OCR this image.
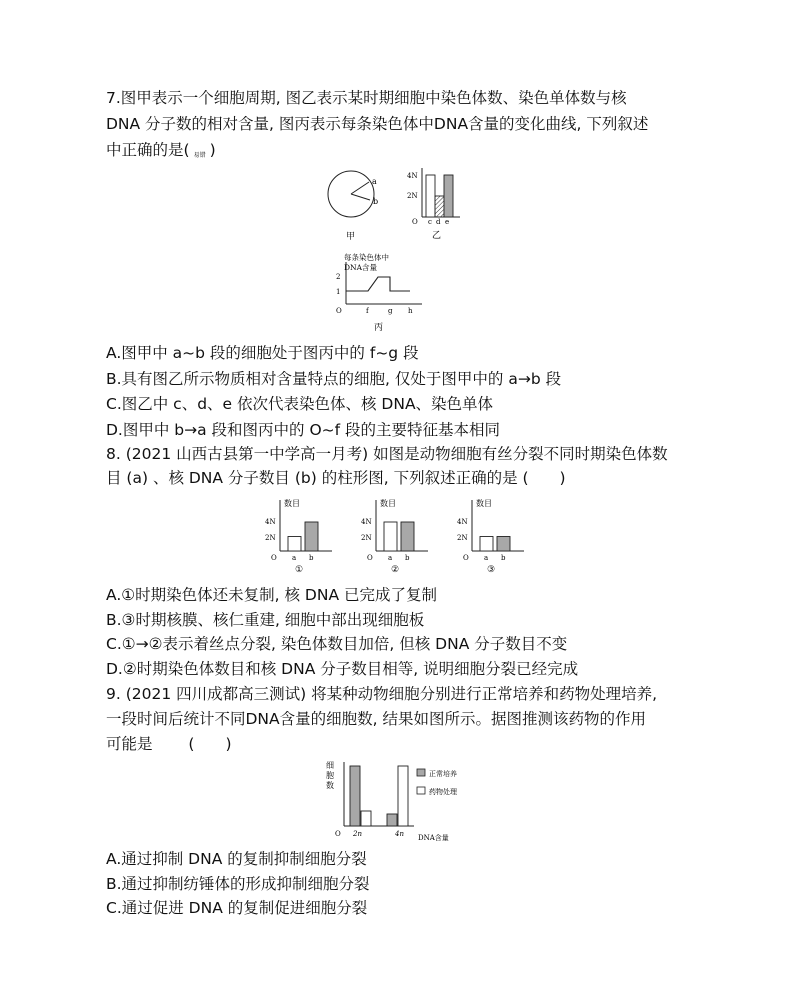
7.图甲表示一个细胞周期, 图乙表示某时期细胞中染色体数、染色单体数与核
DNA 分子数的相对含量, 图丙表示每条染色体中DNA含量的变化曲线, 下列叙述
中正确的是( 易错 )
a
b
甲
4N
2N
O c d e
乙
每条染色体中
DNA含量
2
1
O	f	g h
丙
A.图甲中 a~b 段的细胞处于图丙中的 f~g 段
B.具有图乙所示物质相对含量特点的细胞, 仅处于图甲中的 a→b 段
C.图乙中 c、d、e 依次代表染色体、核 DNA、染色单体
D.图甲中 b→a 段和图丙中的 O~f 段的主要特征基本相同
8. (2021 山西古县第一中学高一月考) 如图是动物细胞有丝分裂不同时期染色体数
目 (a) 、核 DNA 分子数目 (b) 的柱形图, 下列叙述正确的是 (　　)
数目
4N
2N
O a b
①
数目
4N
2N
O a b
②
数目
4N
2N
O a b
③
A.①时期染色体还未复制, 核 DNA 已完成了复制
B.③时期核膜、核仁重建, 细胞中部出现细胞板
C.①→②表示着丝点分裂, 染色体数目加倍, 但核 DNA 分子数目不变
D.②时期染色体数目和核 DNA 分子数目相等, 说明细胞分裂已经完成
9. (2021 四川成都高三测试) 将某种动物细胞分别进行正常培养和药物处理培养,
一段时间后统计不同DNA含量的细胞数, 结果如图所示。据图推测该药物的作用
可能是　　 (　　)
细
胞
数
O 2n	4n DNA含量
正常培养
药物处理
A.通过抑制 DNA 的复制抑制细胞分裂
B.通过抑制纺锤体的形成抑制细胞分裂
C.通过促进 DNA 的复制促进细胞分裂
